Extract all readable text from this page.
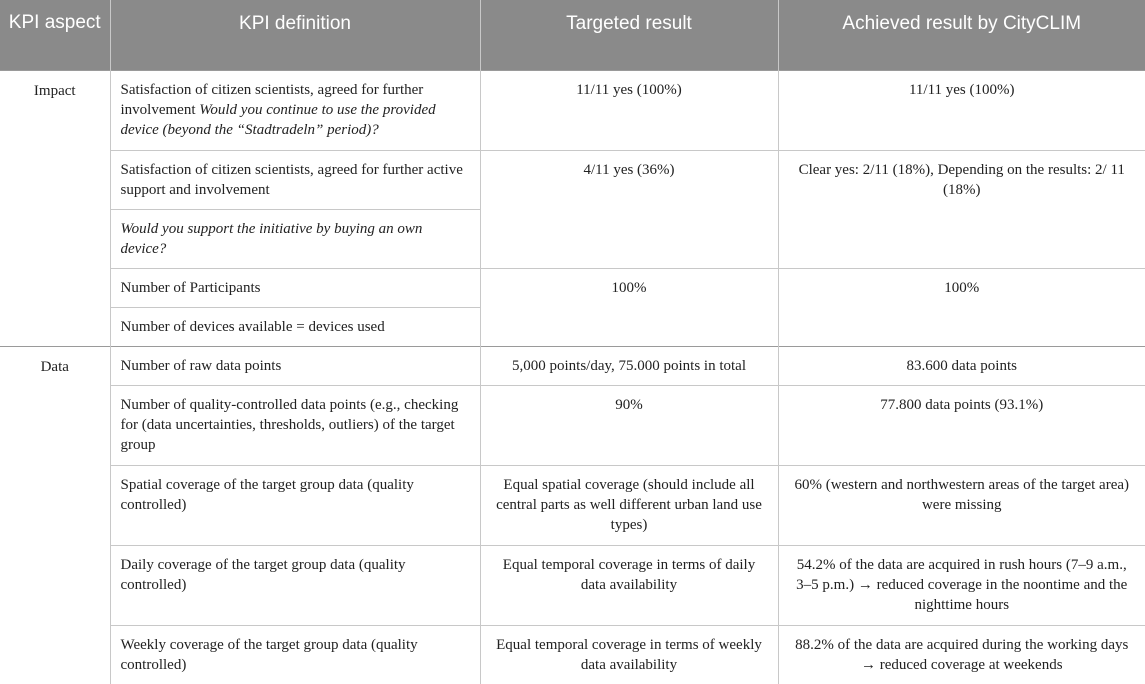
KPI aspect	KPI definition	Targeted result	Achieved result by CityCLIM
Impact	Satisfaction of citizen scientists, agreed for further involvement Would you continue to use the provided device (beyond the “Stadtradeln” period)?	11/11 yes (100%)	11/11 yes (100%)
	Satisfaction of citizen scientists, agreed for further active support and involvement	4/11 yes (36%)	Clear yes: 2/11 (18%), Depending on the results: 2/ 11 (18%)
	Would you support the initiative by buying an own device?		
	Number of Participants	100%	100%
	Number of devices available = devices used		
Data	Number of raw data points	5,000 points/day, 75.000 points in total	83.600 data points
	Number of quality-controlled data points (e.g., checking for (data uncertainties, thresholds, outliers) of the target group	90%	77.800 data points (93.1%)
	Spatial coverage of the target group data (quality controlled)	Equal spatial coverage (should include all central parts as well different urban land use types)	60% (western and northwestern areas of the target area) were missing
	Daily coverage of the target group data (quality controlled)	Equal temporal coverage in terms of daily data availability	54.2% of the data are acquired in rush hours (7–9 a.m., 3–5 p.m.) → reduced coverage in the noontime and the nighttime hours
	Weekly coverage of the target group data (quality controlled)	Equal temporal coverage in terms of weekly data availability	88.2% of the data are acquired during the working days → reduced coverage at weekends
